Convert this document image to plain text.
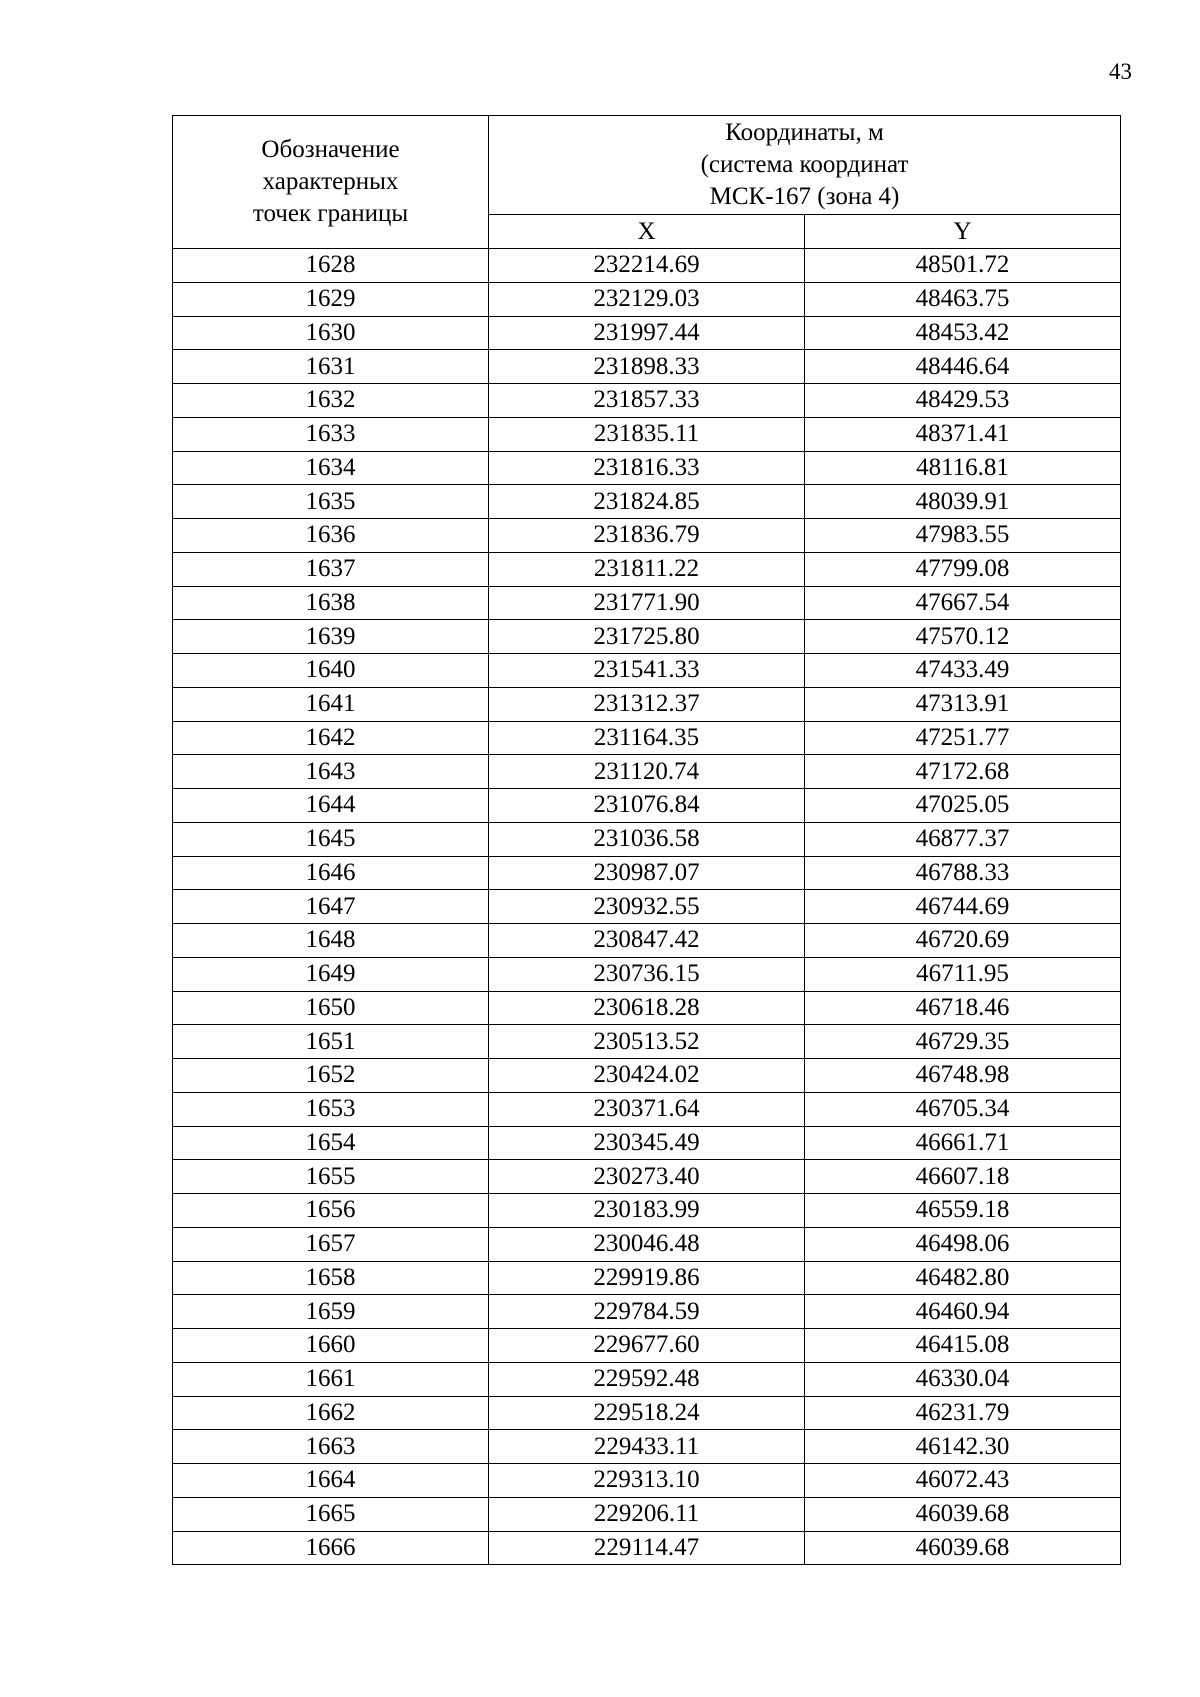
43
Обозначение
характерных
точек границы	Координаты, м
(система координат
МСК-167 (зона 4)	

	X	Y
1628	232214.69	48501.72
1629	232129.03	48463.75
1630	231997.44	48453.42
1631	231898.33	48446.64
1632	231857.33	48429.53
1633	231835.11	48371.41
1634	231816.33	48116.81
1635	231824.85	48039.91
1636	231836.79	47983.55
1637	231811.22	47799.08
1638	231771.90	47667.54
1639	231725.80	47570.12
1640	231541.33	47433.49
1641	231312.37	47313.91
1642	231164.35	47251.77
1643	231120.74	47172.68
1644	231076.84	47025.05
1645	231036.58	46877.37
1646	230987.07	46788.33
1647	230932.55	46744.69
1648	230847.42	46720.69
1649	230736.15	46711.95
1650	230618.28	46718.46
1651	230513.52	46729.35
1652	230424.02	46748.98
1653	230371.64	46705.34
1654	230345.49	46661.71
1655	230273.40	46607.18
1656	230183.99	46559.18
1657	230046.48	46498.06
1658	229919.86	46482.80
1659	229784.59	46460.94
1660	229677.60	46415.08
1661	229592.48	46330.04
1662	229518.24	46231.79
1663	229433.11	46142.30
1664	229313.10	46072.43
1665	229206.11	46039.68
1666	229114.47	46039.68
